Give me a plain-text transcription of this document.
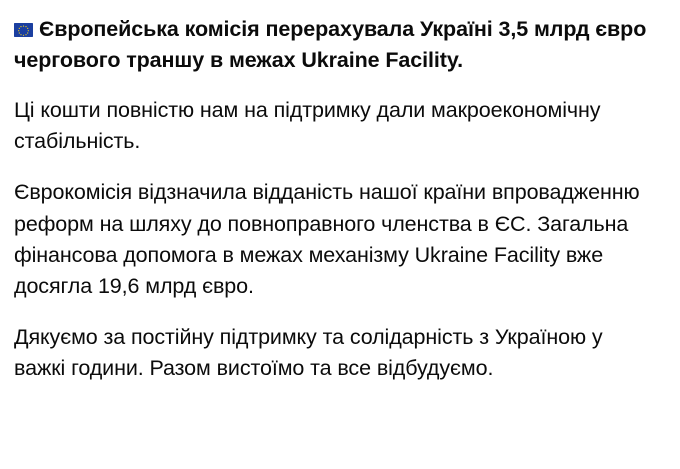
Європейська комісія перерахувала Україні 3,5 млрд євро чергового траншу в межах Ukraine Facility.

Ці кошти повністю нам на підтримку дали макроекономічну стабільність.

Єврокомісія відзначила відданість нашої країни впровадженню реформ на шляху до повноправного членства в ЄС. Загальна фінансова допомога в межах механізму Ukraine Facility вже досягла 19,6 млрд євро.

Дякуємо за постійну підтримку та солідарність з Україною у важкі години. Разом вистоїмо та все відбудуємо.
